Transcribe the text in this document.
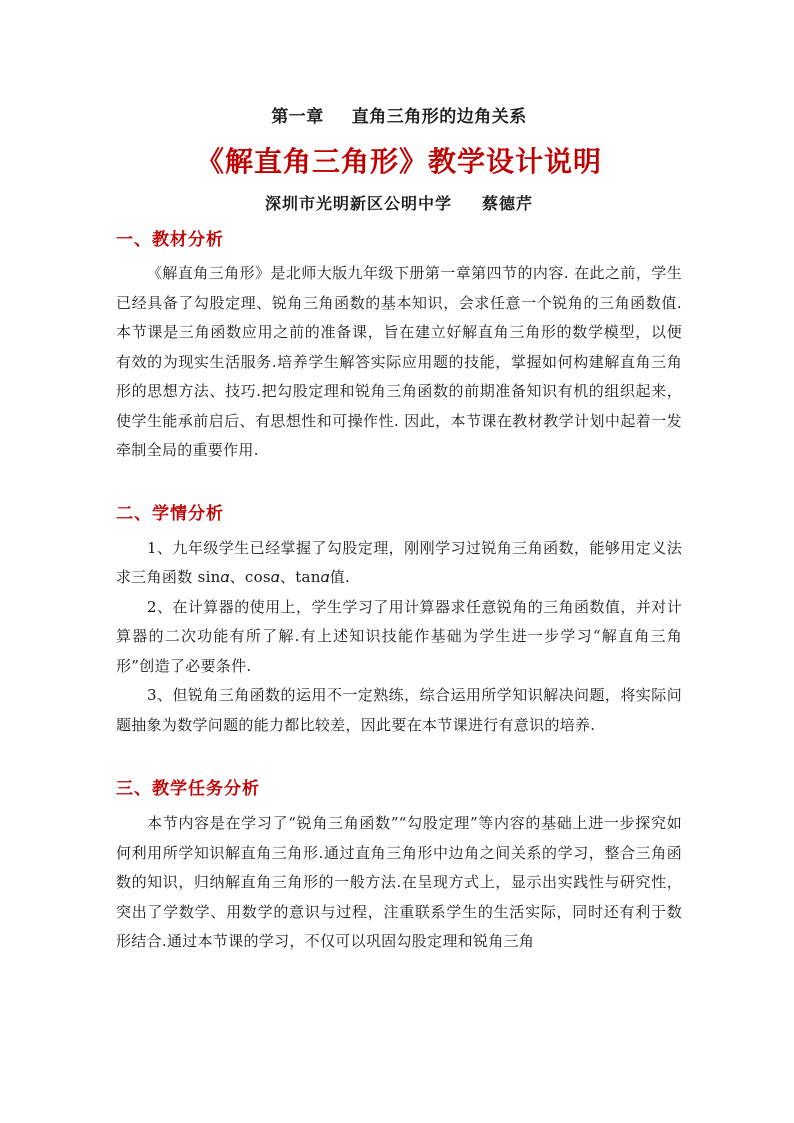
第一章 直角三角形的边角关系

《解直角三角形》教学设计说明

深圳市光明新区公明中学 蔡德芹

一、教材分析

《解直角三角形》是北师大版九年级下册第一章第四节的内容. 在此之前，学生已经具备了勾股定理、锐角三角函数的基本知识，会求任意一个锐角的三角函数值. 本节课是三角函数应用之前的准备课，旨在建立好解直角三角形的数学模型，以便有效的为现实生活服务.培养学生解答实际应用题的技能，掌握如何构建解直角三角形的思想方法、技巧.把勾股定理和锐角三角函数的前期准备知识有机的组织起来，使学生能承前启后、有思想性和可操作性. 因此，本节课在教材教学计划中起着一发牵制全局的重要作用.

二、学情分析

1、九年级学生已经掌握了勾股定理，刚刚学习过锐角三角函数，能够用定义法求三角函数 sin𝛼、cos𝛼、tan𝛼值.

2、在计算器的使用上，学生学习了用计算器求任意锐角的三角函数值，并对计算器的二次功能有所了解.有上述知识技能作基础为学生进一步学习“解直角三角形”创造了必要条件.

3、但锐角三角函数的运用不一定熟练，综合运用所学知识解决问题，将实际问题抽象为数学问题的能力都比较差，因此要在本节课进行有意识的培养.

三、教学任务分析

本节内容是在学习了“锐角三角函数”“勾股定理”等内容的基础上进一步探究如何利用所学知识解直角三角形.通过直角三角形中边角之间关系的学习，整合三角函数的知识，归纳解直角三角形的一般方法.在呈现方式上，显示出实践性与研究性，突出了学数学、用数学的意识与过程，注重联系学生的生活实际，同时还有利于数形结合.通过本节课的学习，不仅可以巩固勾股定理和锐角三角
